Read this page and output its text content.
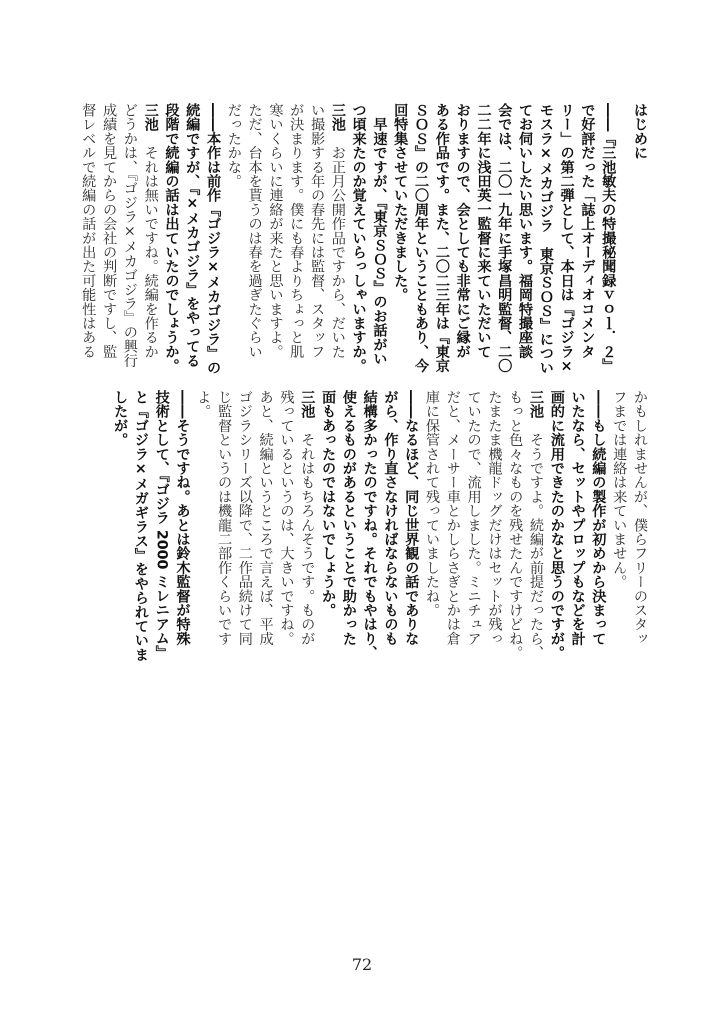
はじめに
――『三池敏夫の特撮秘聞録ｖｏｌ．２』
で好評だった「誌上オーディオコメンタ
リー」の第二弾として、本日は『ゴジラ×
モスラ×メカゴジラ　東京ＳＯＳ』につい
てお伺いしたい思います。福岡特撮座談
会では、二〇一九年に手塚昌明監督、二〇
二二年に浅田英一監督に来ていただいて
おりますので、会としても非常にご縁が
ある作品です。また、二〇二三年は『東京
ＳＯＳ』の二〇周年ということもあり、今
回特集させていただきました。
　早速ですが、『東京ＳＯＳ』のお話がい
つ頃来たのか覚えていらっしゃいますか。
三池お正月公開作品ですから、だいた
い撮影する年の春先には監督、スタッフ
が決まります。僕にも春よりちょっと肌
寒いくらいに連絡が来たと思いますよ。
ただ、台本を貰うのは春を過ぎたぐらい
だったかな。
――本作は前作『ゴジラ×メカゴジラ』の
続編ですが、『×メカゴジラ』をやってる
段階で続編の話は出ていたのでしょうか。
三池それは無いですね。続編を作るか
どうかは、『ゴジラ×メカゴジラ』の興行
成績を見てからの会社の判断ですし、監
督レベルで続編の話が出た可能性はある
かもしれませんが、僕らフリーのスタッ
フまでは連絡は来ていません。
――もし続編の製作が初めから決まって
いたなら、セットやプロップもなどを計
画的に流用できたのかなと思うのですが。
三池そうですよ。続編が前提だったら、
もっと色々なものを残せたんですけどね。
たまたま機龍ドッグだけはセットが残っ
ていたので、流用しました。ミニチュア
だと、メーサー車とかしらさぎとかは倉
庫に保管されて残っていましたね。
――なるほど、同じ世界観の話でありな
がら、作り直さなければならないものも
結構多かったのですね。それでもやはり、
使えるものがあるということで助かった
面もあったのではないでしょうか。
三池それはもちろんそうです。ものが
残っているというのは、大きいですね。
あと、続編というところで言えば、平成
ゴジラシリーズ以降で、二作品続けて同
じ監督というのは機龍二部作くらいです
よ。
――そうですね。あとは鈴木監督が特殊
技術として、『ゴジラ 2000 ミレニアム』
と『ゴジラ×メガギラス』をやられていま
したが。
72
